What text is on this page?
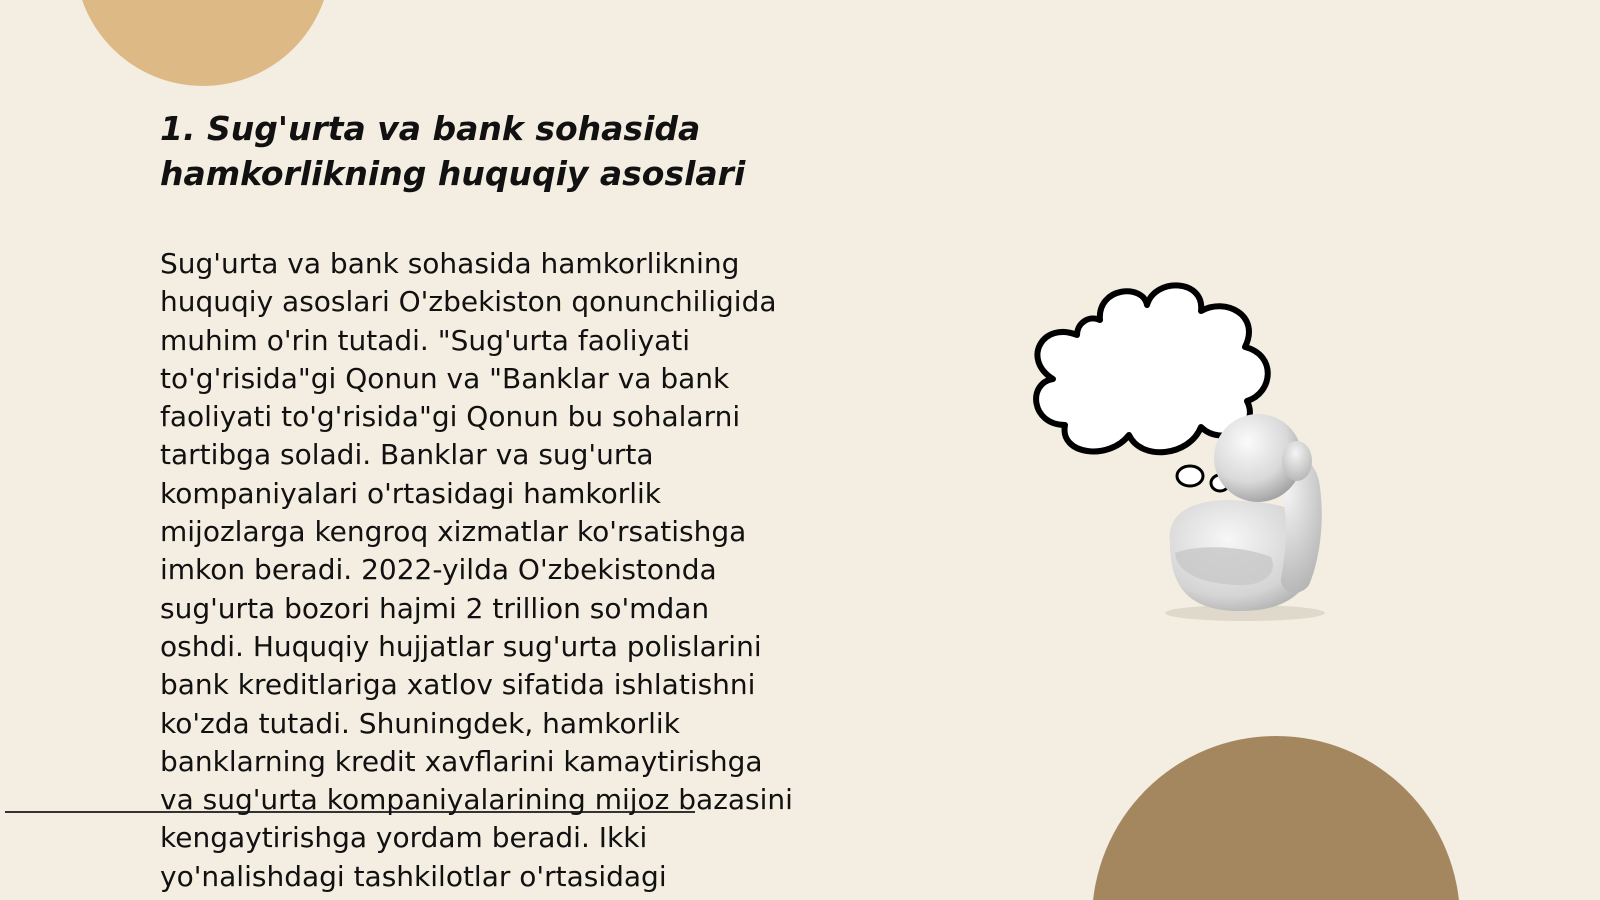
1. Sug'urta va bank sohasida
hamkorlikning huquqiy asoslari
Sug'urta va bank sohasida hamkorlikning
huquqiy asoslari O'zbekiston qonunchiligida
muhim o'rin tutadi. "Sug'urta faoliyati
to'g'risida"gi Qonun va "Banklar va bank
faoliyati to'g'risida"gi Qonun bu sohalarni
tartibga soladi. Banklar va sug'urta
kompaniyalari o'rtasidagi hamkorlik
mijozlarga kengroq xizmatlar ko'rsatishga
imkon beradi. 2022-yilda O'zbekistonda
sug'urta bozori hajmi 2 trillion so'mdan
oshdi. Huquqiy hujjatlar sug'urta polislarini
bank kreditlariga xatlov sifatida ishlatishni
ko'zda tutadi. Shuningdek, hamkorlik
banklarning kredit xavflarini kamaytirishga
va sug'urta kompaniyalarining mijoz bazasini
kengaytirishga yordam beradi. Ikki
yo'nalishdagi tashkilotlar o'rtasidagi
